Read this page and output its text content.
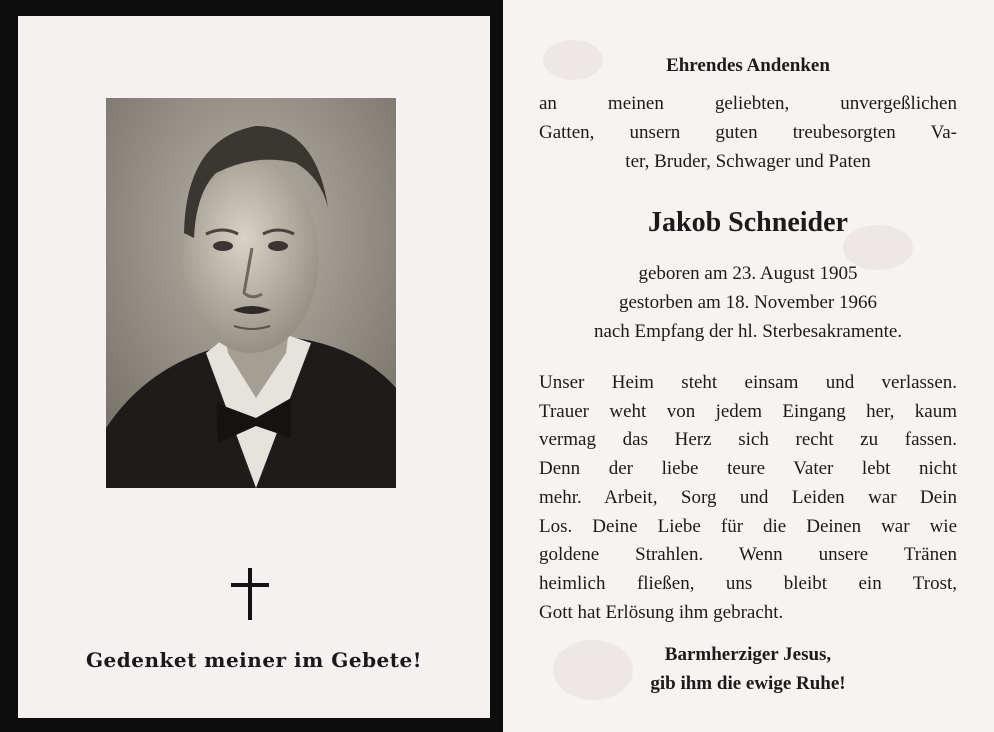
Gedenket meiner im Gebete!
Ehrendes Andenken
an meinen geliebten, unvergeßlichen
Gatten, unsern guten treubesorgten Va-
ter, Bruder, Schwager und Paten
Jakob Schneider
geboren am 23. August 1905
gestorben am 18. November 1966
nach Empfang der hl. Sterbesakramente.
Unser Heim steht einsam und verlassen.
Trauer weht von jedem Eingang her, kaum
vermag das Herz sich recht zu fassen.
Denn der liebe teure Vater lebt nicht
mehr. Arbeit, Sorg und Leiden war Dein
Los. Deine Liebe für die Deinen war wie
goldene Strahlen. Wenn unsere Tränen
heimlich fließen, uns bleibt ein Trost,
Gott hat Erlösung ihm gebracht.
Barmherziger Jesus,
gib ihm die ewige Ruhe!
